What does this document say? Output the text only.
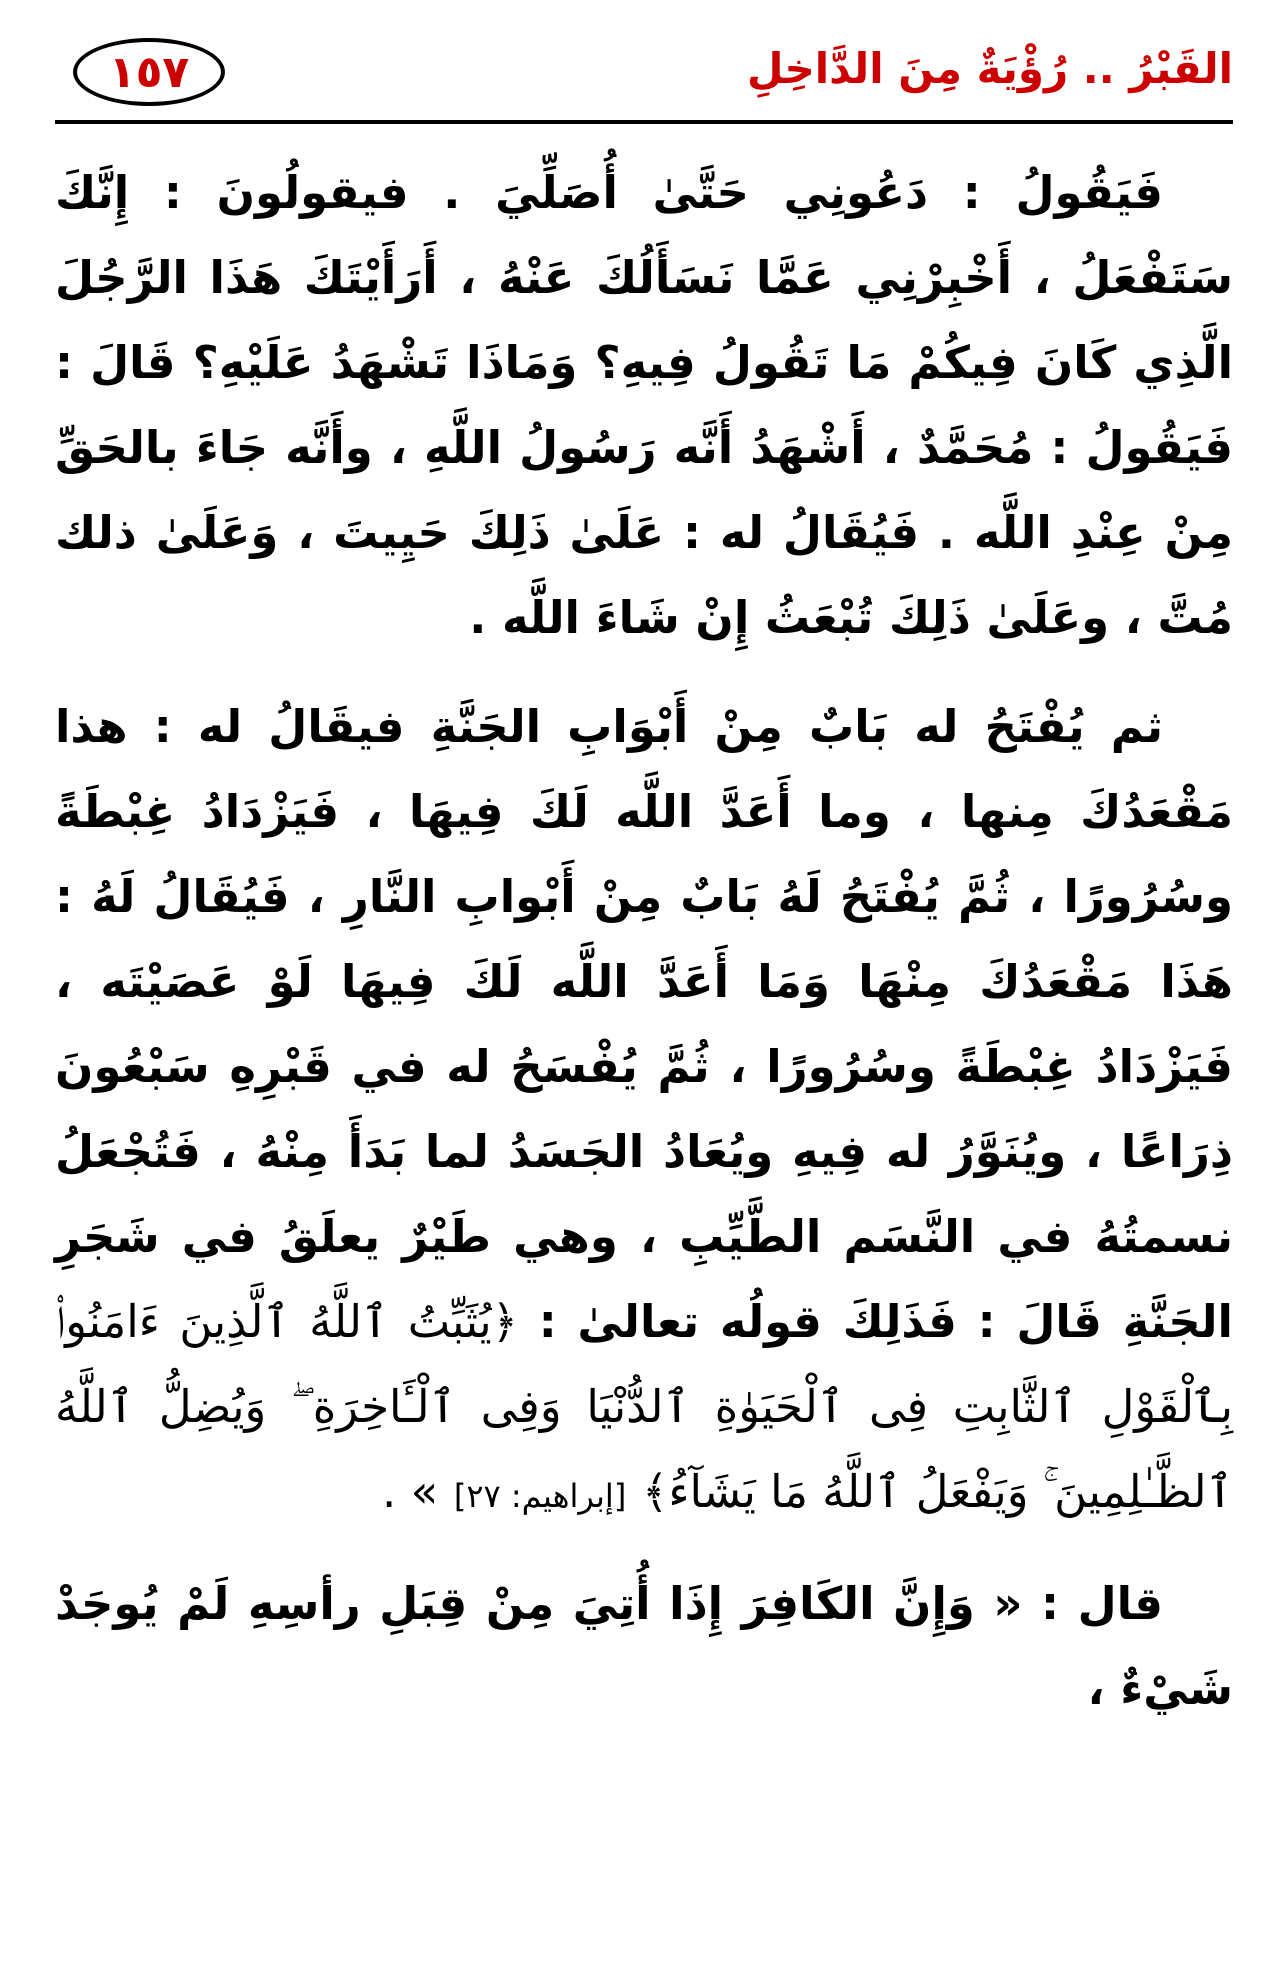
١٥٧	القَبْرُ .. رُؤْيَةٌ مِنَ الدَّاخِلِ

فَيَقُولُ : دَعُونِي حَتَّىٰ أُصَلِّيَ . فيقولُونَ : إِنَّكَ سَتَفْعَلُ ، أَخْبِرْنِي عَمَّا نَسَأَلُكَ عَنْهُ ، أَرَأَيْتَكَ هَذَا الرَّجُلَ الَّذِي كَانَ فِيكُمْ مَا تَقُولُ فِيهِ؟ وَمَاذَا تَشْهَدُ عَلَيْهِ؟ قَالَ : فَيَقُولُ : مُحَمَّدٌ ، أَشْهَدُ أَنَّه رَسُولُ اللَّهِ ، وأَنَّه جَاءَ بالحَقِّ مِنْ عِنْدِ اللَّه . فَيُقَالُ له : عَلَىٰ ذَلِكَ حَيِيتَ ، وَعَلَىٰ ذلك مُتَّ ، وعَلَىٰ ذَلِكَ تُبْعَثُ إِنْ شَاءَ اللَّه .

ثم يُفْتَحُ له بَابٌ مِنْ أَبْوَابِ الجَنَّةِ فيقَالُ له : هذا مَقْعَدُكَ مِنها ، وما أَعَدَّ اللَّه لَكَ فِيهَا ، فَيَزْدَادُ غِبْطَةً وسُرُورًا ، ثُمَّ يُفْتَحُ لَهُ بَابٌ مِنْ أَبْوابِ النَّارِ ، فَيُقَالُ لَهُ : هَذَا مَقْعَدُكَ مِنْهَا وَمَا أَعَدَّ اللَّه لَكَ فِيهَا لَوْ عَصَيْتَه ، فَيَزْدَادُ غِبْطَةً وسُرُورًا ، ثُمَّ يُفْسَحُ له في قَبْرِهِ سَبْعُونَ ذِرَاعًا ، ويُنَوَّرُ له فِيهِ ويُعَادُ الجَسَدُ لما بَدَأَ مِنْهُ ، فَتُجْعَلُ نسمتُهُ في النَّسَم الطَّيِّبِ ، وهي طَيْرٌ يعلَقُ في شَجَرِ الجَنَّةِ قَالَ : فَذَلِكَ قولُه تعالىٰ : ﴿يُثَبِّتُ ٱللَّهُ ٱلَّذِينَ ءَامَنُوا۟ بِٱلْقَوْلِ ٱلثَّابِتِ فِى ٱلْحَيَوٰةِ ٱلدُّنْيَا وَفِى ٱلْـَٔاخِرَةِ ۖ وَيُضِلُّ ٱللَّهُ ٱلظَّـٰلِمِينَ ۚ وَيَفْعَلُ ٱللَّهُ مَا يَشَآءُ﴾ [إبراهيم: ٢٧] » .

قال : « وَإِنَّ الكَافِرَ إِذَا أُتِيَ مِنْ قِبَلِ رأسِهِ لَمْ يُوجَدْ شَيْءٌ ،
